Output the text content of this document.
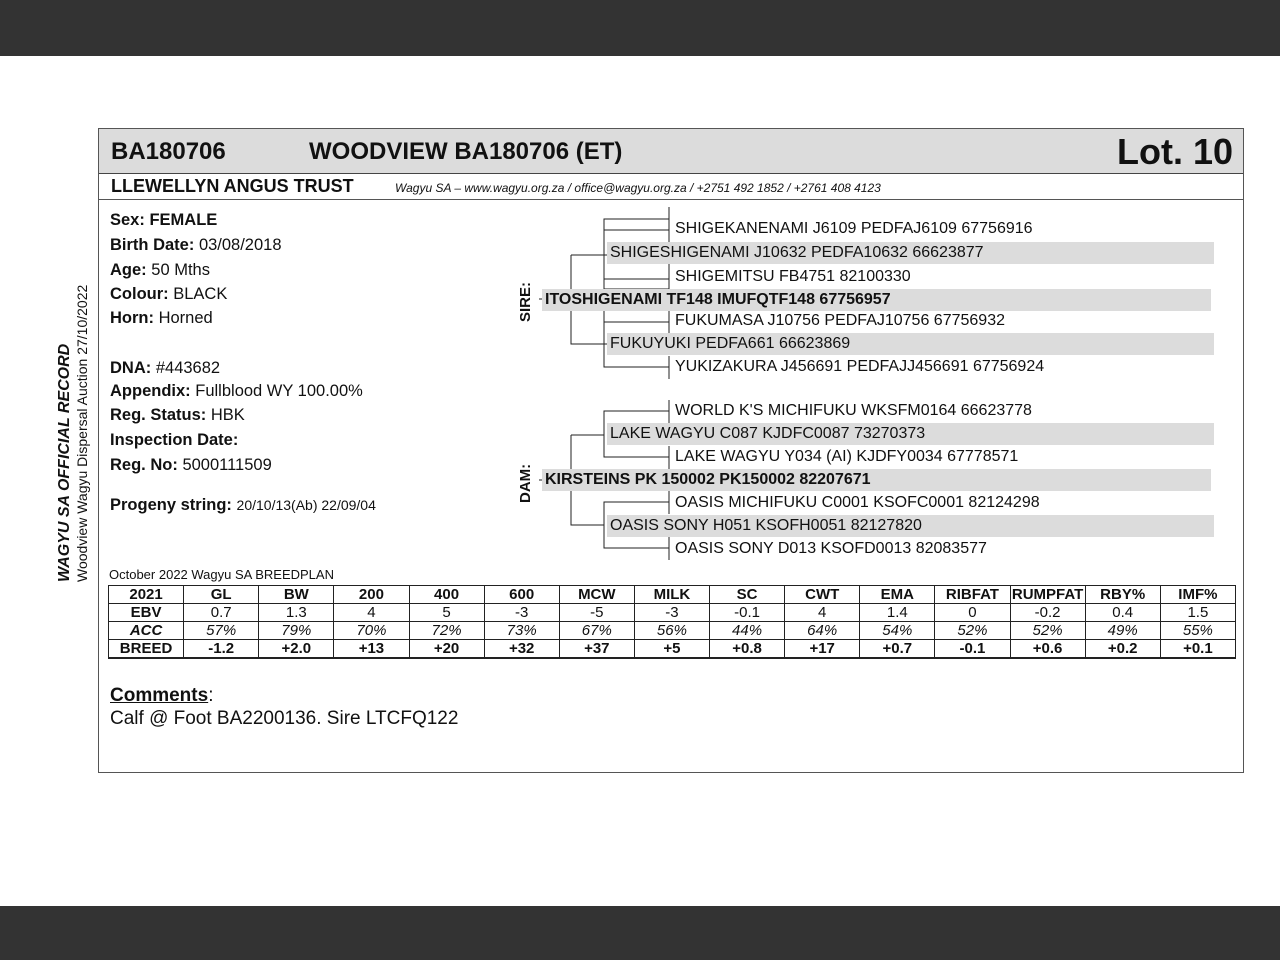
WAGYU SA OFFICIAL RECORD Woodview Wagyu Dispersal Auction 27/10/2022
BA180706	WOODVIEW BA180706 (ET)	Lot. 10
LLEWELLYN ANGUS TRUST	Wagyu SA – www.wagyu.org.za / office@wagyu.org.za / +2751 492 1852 / +2761 408 4123
Sex: FEMALE
Birth Date: 03/08/2018
Age: 50 Mths
Colour: BLACK
Horn: Horned
DNA: #443682
Appendix: Fullblood WY 100.00%
Reg. Status: HBK
Inspection Date:
Reg. No: 5000111509
Progeny string: 20/10/13(Ab) 22/09/04
SIRE:
DAM:
SHIGEKANENAMI J6109 PEDFAJ6109 67756916
SHIGESHIGENAMI J10632 PEDFA10632 66623877
SHIGEMITSU FB4751 82100330
ITOSHIGENAMI TF148 IMUFQTF148 67756957
FUKUMASA J10756 PEDFAJ10756 67756932
FUKUYUKI PEDFA661 66623869
YUKIZAKURA J456691 PEDFAJJ456691 67756924
WORLD K'S MICHIFUKU WKSFM0164 66623778
LAKE WAGYU C087 KJDFC0087 73270373
LAKE WAGYU Y034 (AI) KJDFY0034 67778571
KIRSTEINS PK 150002 PK150002 82207671
OASIS MICHIFUKU C0001 KSOFC0001 82124298
OASIS SONY H051 KSOFH0051 82127820
OASIS SONY D013 KSOFD0013 82083577
October 2022 Wagyu SA BREEDPLAN
2021	GL	BW	200	400	600	MCW	MILK	SC	CWT	EMA	RIBFAT	RUMPFAT	RBY%	IMF%
EBV	0.7	1.3	4	5	-3	-5	-3	-0.1	4	1.4	0	-0.2	0.4	1.5
ACC	57%	79%	70%	72%	73%	67%	56%	44%	64%	54%	52%	52%	49%	55%
BREED	-1.2	+2.0	+13	+20	+32	+37	+5	+0.8	+17	+0.7	-0.1	+0.6	+0.2	+0.1
Comments:
Calf @ Foot BA2200136. Sire LTCFQ122
